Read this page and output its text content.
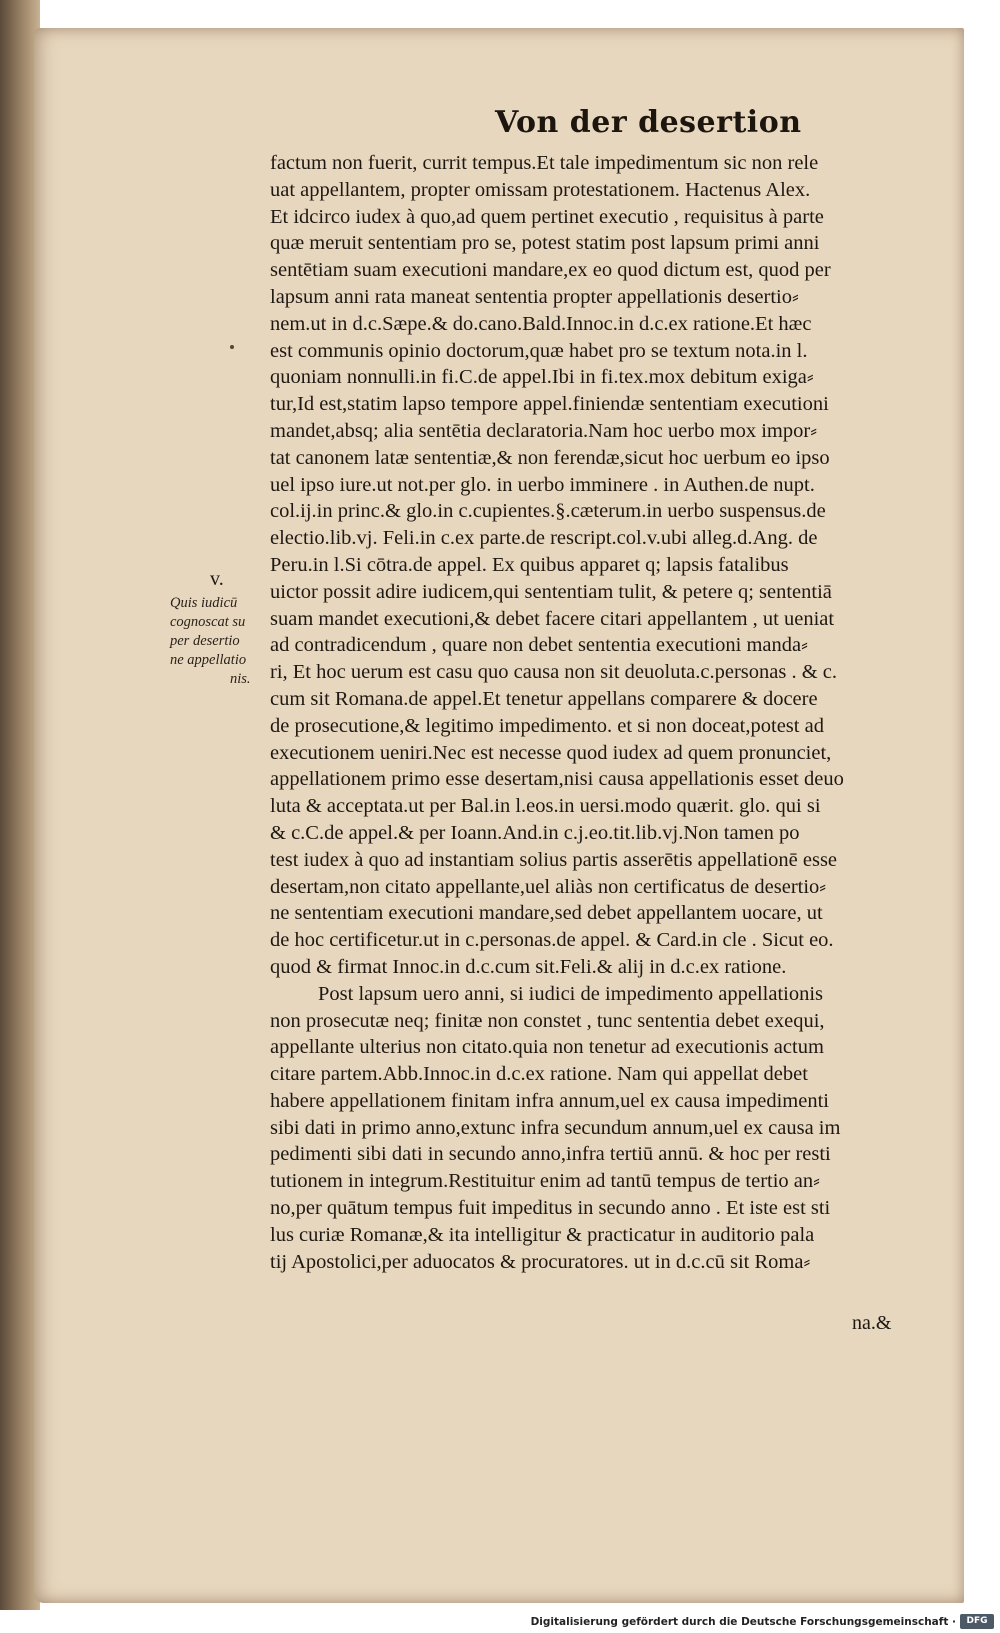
Von der desertion
v.
Quis iudicū
cognoscat su
per desertio
ne appellatio
nis.
factum non fuerit, currit tempus.Et tale impedimentum sic non rele
uat appellantem, propter omissam protestationem. Hactenus Alex.
Et idcirco iudex à quo,ad quem pertinet executio , requisitus à parte
quæ meruit sententiam pro se, potest statim post lapsum primi anni
sentētiam suam executioni mandare,ex eo quod dictum est, quod per
lapsum anni rata maneat sententia propter appellationis desertio⸗
nem.ut in d.c.Sæpe.& do.cano.Bald.Innoc.in d.c.ex ratione.Et hæc
est communis opinio doctorum,quæ habet pro se textum nota.in l.
quoniam nonnulli.in fi.C.de appel.Ibi in fi.tex.mox debitum exiga⸗
tur,Id est,statim lapso tempore appel.finiendæ sententiam executioni
mandet,absq; alia sentētia declaratoria.Nam hoc uerbo mox impor⸗
tat canonem latæ sententiæ,& non ferendæ,sicut hoc uerbum eo ipso
uel ipso iure.ut not.per glo. in uerbo imminere . in Authen.de nupt.
col.ij.in princ.& glo.in c.cupientes.§.cæterum.in uerbo suspensus.de
electio.lib.vj. Feli.in c.ex parte.de rescript.col.v.ubi alleg.d.Ang. de
Peru.in l.Si cōtra.de appel. Ex quibus apparet q; lapsis fatalibus
uictor possit adire iudicem,qui sententiam tulit, & petere q; sententiā
suam mandet executioni,& debet facere citari appellantem , ut ueniat
ad contradicendum , quare non debet sententia executioni manda⸗
ri, Et hoc uerum est casu quo causa non sit deuoluta.c.personas . & c.
cum sit Romana.de appel.Et tenetur appellans comparere & docere
de prosecutione,& legitimo impedimento. et si non doceat,potest ad
executionem ueniri.Nec est necesse quod iudex ad quem pronunciet,
appellationem primo esse desertam,nisi causa appellationis esset deuo
luta & acceptata.ut per Bal.in l.eos.in uersi.modo quærit. glo. qui si
& c.C.de appel.& per Ioann.And.in c.j.eo.tit.lib.vj.Non tamen po
test iudex à quo ad instantiam solius partis asserētis appellationē esse
desertam,non citato appellante,uel aliàs non certificatus de desertio⸗
ne sententiam executioni mandare,sed debet appellantem uocare, ut
de hoc certificetur.ut in c.personas.de appel. & Card.in cle . Sicut eo.
quod & firmat Innoc.in d.c.cum sit.Feli.& alij in d.c.ex ratione.
Post lapsum uero anni, si iudici de impedimento appellationis
non prosecutæ neq; finitæ non constet , tunc sententia debet exequi,
appellante ulterius non citato.quia non tenetur ad executionis actum
citare partem.Abb.Innoc.in d.c.ex ratione. Nam qui appellat debet
habere appellationem finitam infra annum,uel ex causa impedimenti
sibi dati in primo anno,extunc infra secundum annum,uel ex causa im
pedimenti sibi dati in secundo anno,infra tertiū annū. & hoc per resti
tutionem in integrum.Restituitur enim ad tantū tempus de tertio an⸗
no,per quātum tempus fuit impeditus in secundo anno . Et iste est sti
lus curiæ Romanæ,& ita intelligitur & practicatur in auditorio pala
tij Apostolici,per aduocatos & procuratores. ut in d.c.cū sit Roma⸗
na.&
Digitalisierung gefördert durch die Deutsche Forschungsgemeinschaft ·	DFG
